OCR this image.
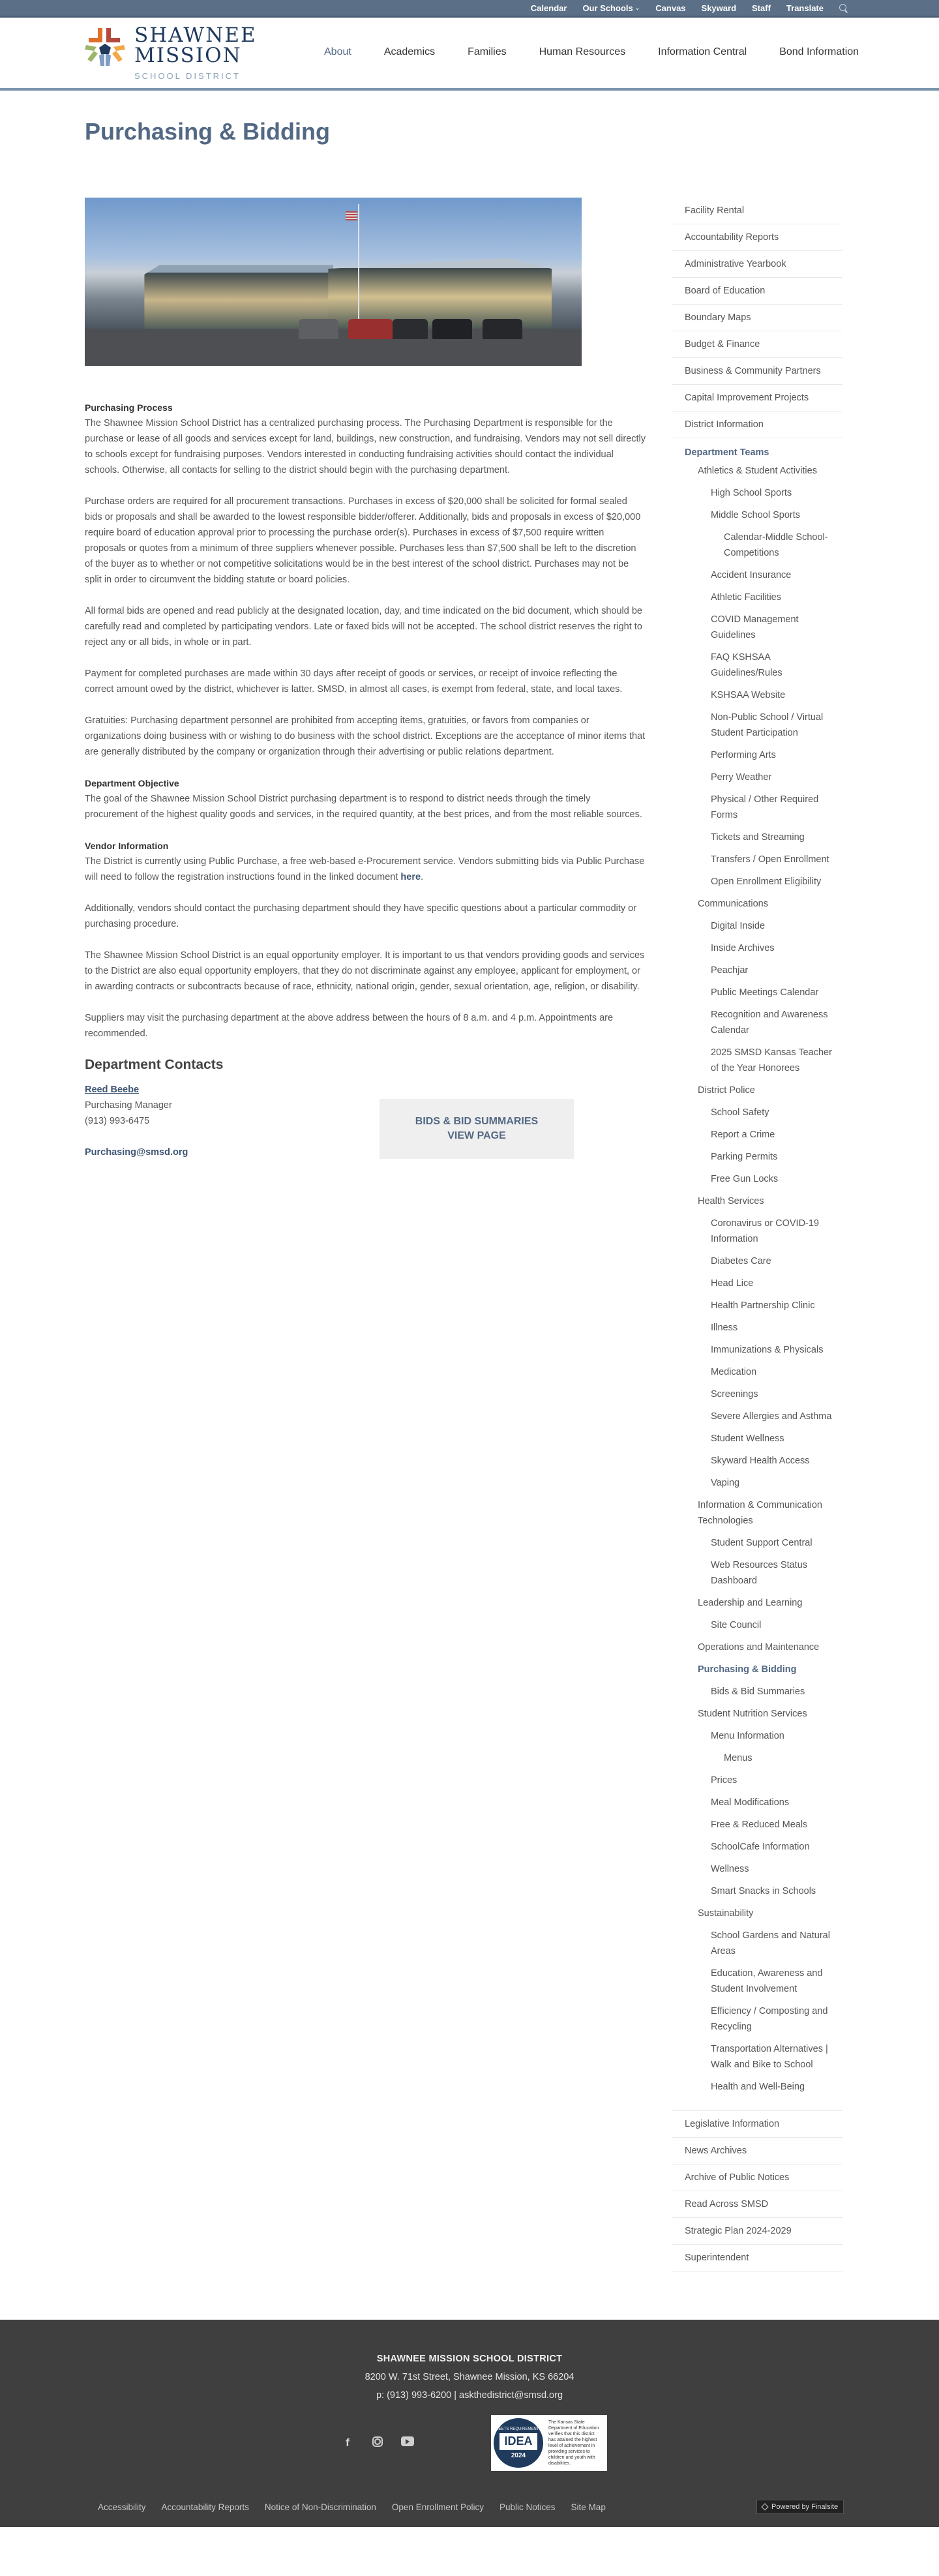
Calendar Our Schools ⌄ Canvas Skyward Staff Translate
SHAWNEE
MISSION
SCHOOL DISTRICT
About	Academics	Families	Human Resources	Information Central	Bond Information
Purchasing & Bidding
Purchasing Process

The Shawnee Mission School District has a centralized purchasing process. The Purchasing Department is responsible for the purchase or lease of all goods and services except for land, buildings, new construction, and fundraising. Vendors may not sell directly to schools except for fundraising purposes. Vendors interested in conducting fundraising activities should contact the individual schools. Otherwise, all contacts for selling to the district should begin with the purchasing department.

Purchase orders are required for all procurement transactions. Purchases in excess of $20,000 shall be solicited for formal sealed bids or proposals and shall be awarded to the lowest responsible bidder/offerer. Additionally, bids and proposals in excess of $20,000 require board of education approval prior to processing the purchase order(s). Purchases in excess of $7,500 require written proposals or quotes from a minimum of three suppliers whenever possible. Purchases less than $7,500 shall be left to the discretion of the buyer as to whether or not competitive solicitations would be in the best interest of the school district. Purchases may not be split in order to circumvent the bidding statute or board policies.

All formal bids are opened and read publicly at the designated location, day, and time indicated on the bid document, which should be carefully read and completed by participating vendors. Late or faxed bids will not be accepted. The school district reserves the right to reject any or all bids, in whole or in part.

Payment for completed purchases are made within 30 days after receipt of goods or services, or receipt of invoice reflecting the correct amount owed by the district, whichever is latter. SMSD, in almost all cases, is exempt from federal, state, and local taxes.

Gratuities: Purchasing department personnel are prohibited from accepting items, gratuities, or favors from companies or organizations doing business with or wishing to do business with the school district. Exceptions are the acceptance of minor items that are generally distributed by the company or organization through their advertising or public relations department.

Department Objective

The goal of the Shawnee Mission School District purchasing department is to respond to district needs through the timely procurement of the highest quality goods and services, in the required quantity, at the best prices, and from the most reliable sources.

Vendor Information

The District is currently using Public Purchase, a free web-based e-Procurement service. Vendors submitting bids via Public Purchase will need to follow the registration instructions found in the linked document here.

Additionally, vendors should contact the purchasing department should they have specific questions about a particular commodity or purchasing procedure.

The Shawnee Mission School District is an equal opportunity employer. It is important to us that vendors providing goods and services to the District are also equal opportunity employers, that they do not discriminate against any employee, applicant for employment, or in awarding contracts or subcontracts because of race, ethnicity, national origin, gender, sexual orientation, age, religion, or disability.

Suppliers may visit the purchasing department at the above address between the hours of 8 a.m. and 4 p.m. Appointments are recommended.

Department Contacts
Reed Beebe
Purchasing Manager
(913) 993-6475
Purchasing@smsd.org
BIDS & BID SUMMARIES
VIEW PAGE
Facility Rental
Accountability Reports
Administrative Yearbook
Board of Education
Boundary Maps
Budget & Finance
Business & Community Partners
Capital Improvement Projects
District Information
Department Teams
Athletics & Student Activities
High School Sports
Middle School Sports
Calendar-Middle School-Competitions
Accident Insurance
Athletic Facilities
COVID Management Guidelines
FAQ KSHSAA Guidelines/Rules
KSHSAA Website
Non-Public School / Virtual Student Participation
Performing Arts
Perry Weather
Physical / Other Required Forms
Tickets and Streaming
Transfers / Open Enrollment
Open Enrollment Eligibility
Communications
Digital Inside
Inside Archives
Peachjar
Public Meetings Calendar
Recognition and Awareness Calendar
2025 SMSD Kansas Teacher of the Year Honorees
District Police
School Safety
Report a Crime
Parking Permits
Free Gun Locks
Health Services
Coronavirus or COVID-19 Information
Diabetes Care
Head Lice
Health Partnership Clinic
Illness
Immunizations & Physicals
Medication
Screenings
Severe Allergies and Asthma
Student Wellness
Skyward Health Access
Vaping
Information & Communication Technologies
Student Support Central
Web Resources Status Dashboard
Leadership and Learning
Site Council
Operations and Maintenance
Purchasing & Bidding
Bids & Bid Summaries
Student Nutrition Services
Menu Information
Menus
Prices
Meal Modifications
Free & Reduced Meals
SchoolCafe Information
Wellness
Smart Snacks in Schools
Sustainability
School Gardens and Natural Areas
Education, Awareness and Student Involvement
Efficiency / Composting and Recycling
Transportation Alternatives | Walk and Bike to School
Health and Well-Being
Legislative Information
News Archives
Archive of Public Notices
Read Across SMSD
Strategic Plan 2024-2029
Superintendent
SHAWNEE MISSION SCHOOL DISTRICT
8200 W. 71st Street, Shawnee Mission, KS 66204
p: (913) 993-6200 | askthedistrict@smsd.org
f
MEETS REQUIREMENTS
IDEA
2024
The Kansas State Department of Education verifies that this district has attained the highest level of achievement in providing services to children and youth with disabilities.
Accessibility Accountability Reports Notice of Non-Discrimination Open Enrollment Policy Public Notices Site Map	Powered by Finalsite
